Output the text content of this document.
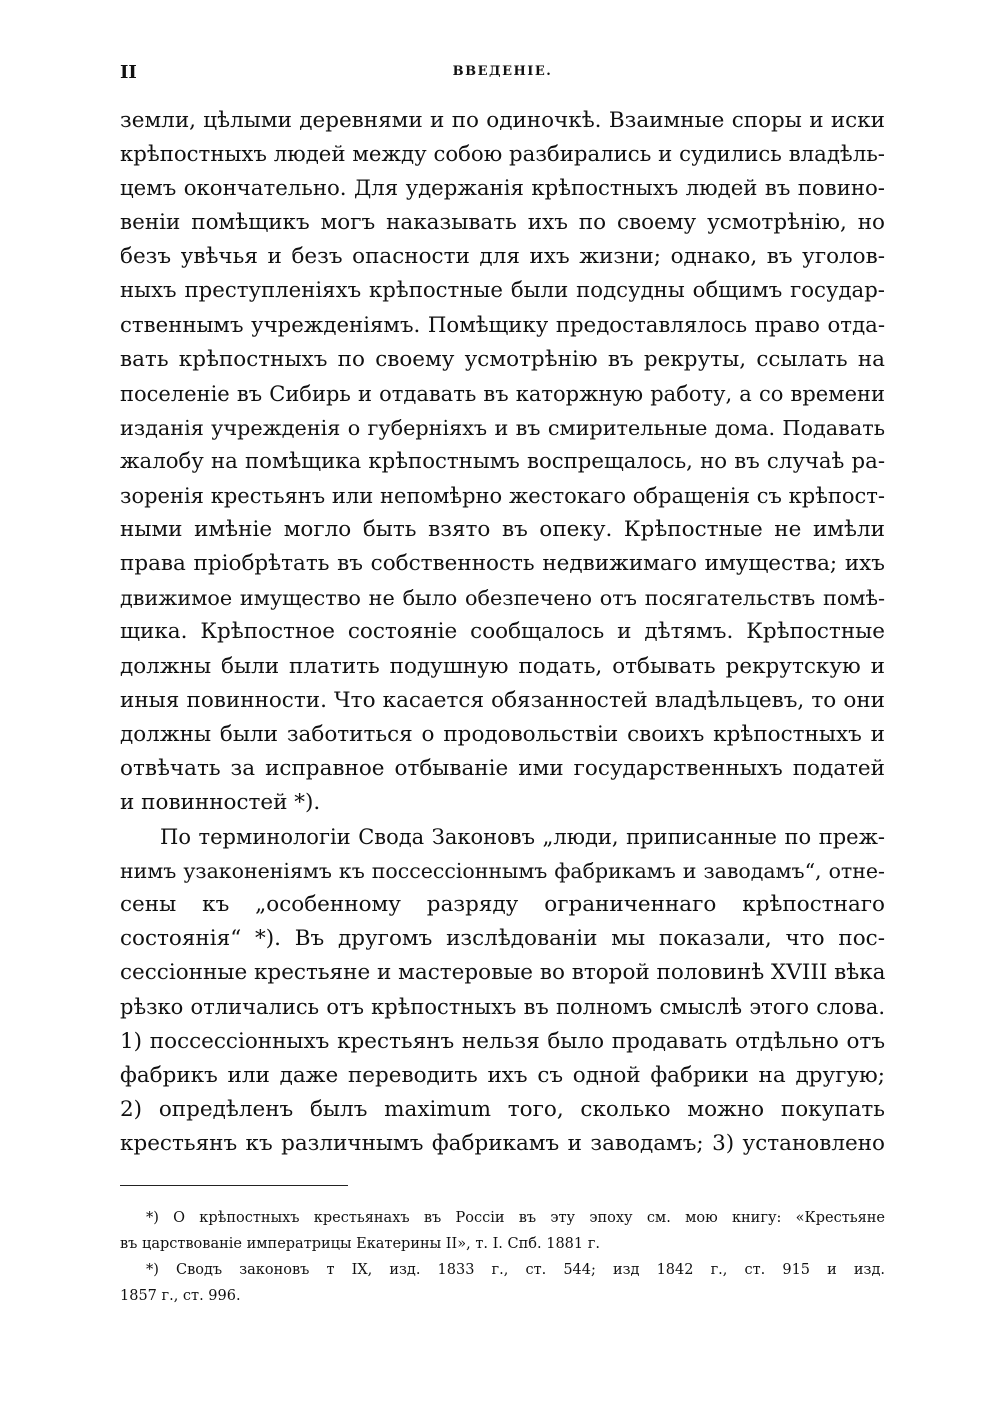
II	ВВЕДЕНІЕ.
земли, цѣлыми деревнями и по одиночкѣ. Взаимные споры и иски
крѣпостныхъ людей между собою разбирались и судились владѣль-
цемъ окончательно. Для удержанія крѣпостныхъ людей въ повино-
веніи помѣщикъ могъ наказывать ихъ по своему усмотрѣнію, но
безъ увѣчья и безъ опасности для ихъ жизни; однако, въ уголов-
ныхъ преступленіяхъ крѣпостные были подсудны общимъ государ-
ственнымъ учрежденіямъ. Помѣщику предоставлялось право отда-
вать крѣпостныхъ по своему усмотрѣнію въ рекруты, ссылать на
поселеніе въ Сибирь и отдавать въ каторжную работу, а со времени
изданія учрежденія о губерніяхъ и въ смирительные дома. Подавать
жалобу на помѣщика крѣпостнымъ воспрещалось, но въ случаѣ ра-
зоренія крестьянъ или непомѣрно жестокаго обращенія съ крѣпост-
ными имѣніе могло быть взято въ опеку. Крѣпостные не имѣли
права пріобрѣтать въ собственность недвижимаго имущества; ихъ
движимое имущество не было обезпечено отъ посягательствъ помѣ-
щика. Крѣпостное состояніе сообщалось и дѣтямъ. Крѣпостные
должны были платить подушную подать, отбывать рекрутскую и
иныя повинности. Что касается обязанностей владѣльцевъ, то они
должны были заботиться о продовольствіи своихъ крѣпостныхъ и
отвѣчать за исправное отбываніе ими государственныхъ податей
и повинностей *).
По терминологіи Свода Законовъ „люди, приписанные по преж-
нимъ узаконеніямъ къ поссессіоннымъ фабрикамъ и заводамъ“, отне-
сены къ „особенному разряду ограниченнаго крѣпостнаго
состоянія“ *). Въ другомъ изслѣдованіи мы показали, что пос-
сессіонные крестьяне и мастеровые во второй половинѣ XVIII вѣка
рѣзко отличались отъ крѣпостныхъ въ полномъ смыслѣ этого слова.
1) поссессіонныхъ крестьянъ нельзя было продавать отдѣльно отъ
фабрикъ или даже переводить ихъ съ одной фабрики на другую;
2) опредѣленъ былъ maximum того, сколько можно покупать
крестьянъ къ различнымъ фабрикамъ и заводамъ; 3) установлено
*) О крѣпостныхъ крестьянахъ въ Россіи въ эту эпоху см. мою книгу: «Крестьяне
въ царствованіе императрицы Екатерины II», т. I. Спб. 1881 г.
*) Сводъ законовъ т IX, изд. 1833 г., ст. 544; изд 1842 г., ст. 915 и изд.
1857 г., ст. 996.
